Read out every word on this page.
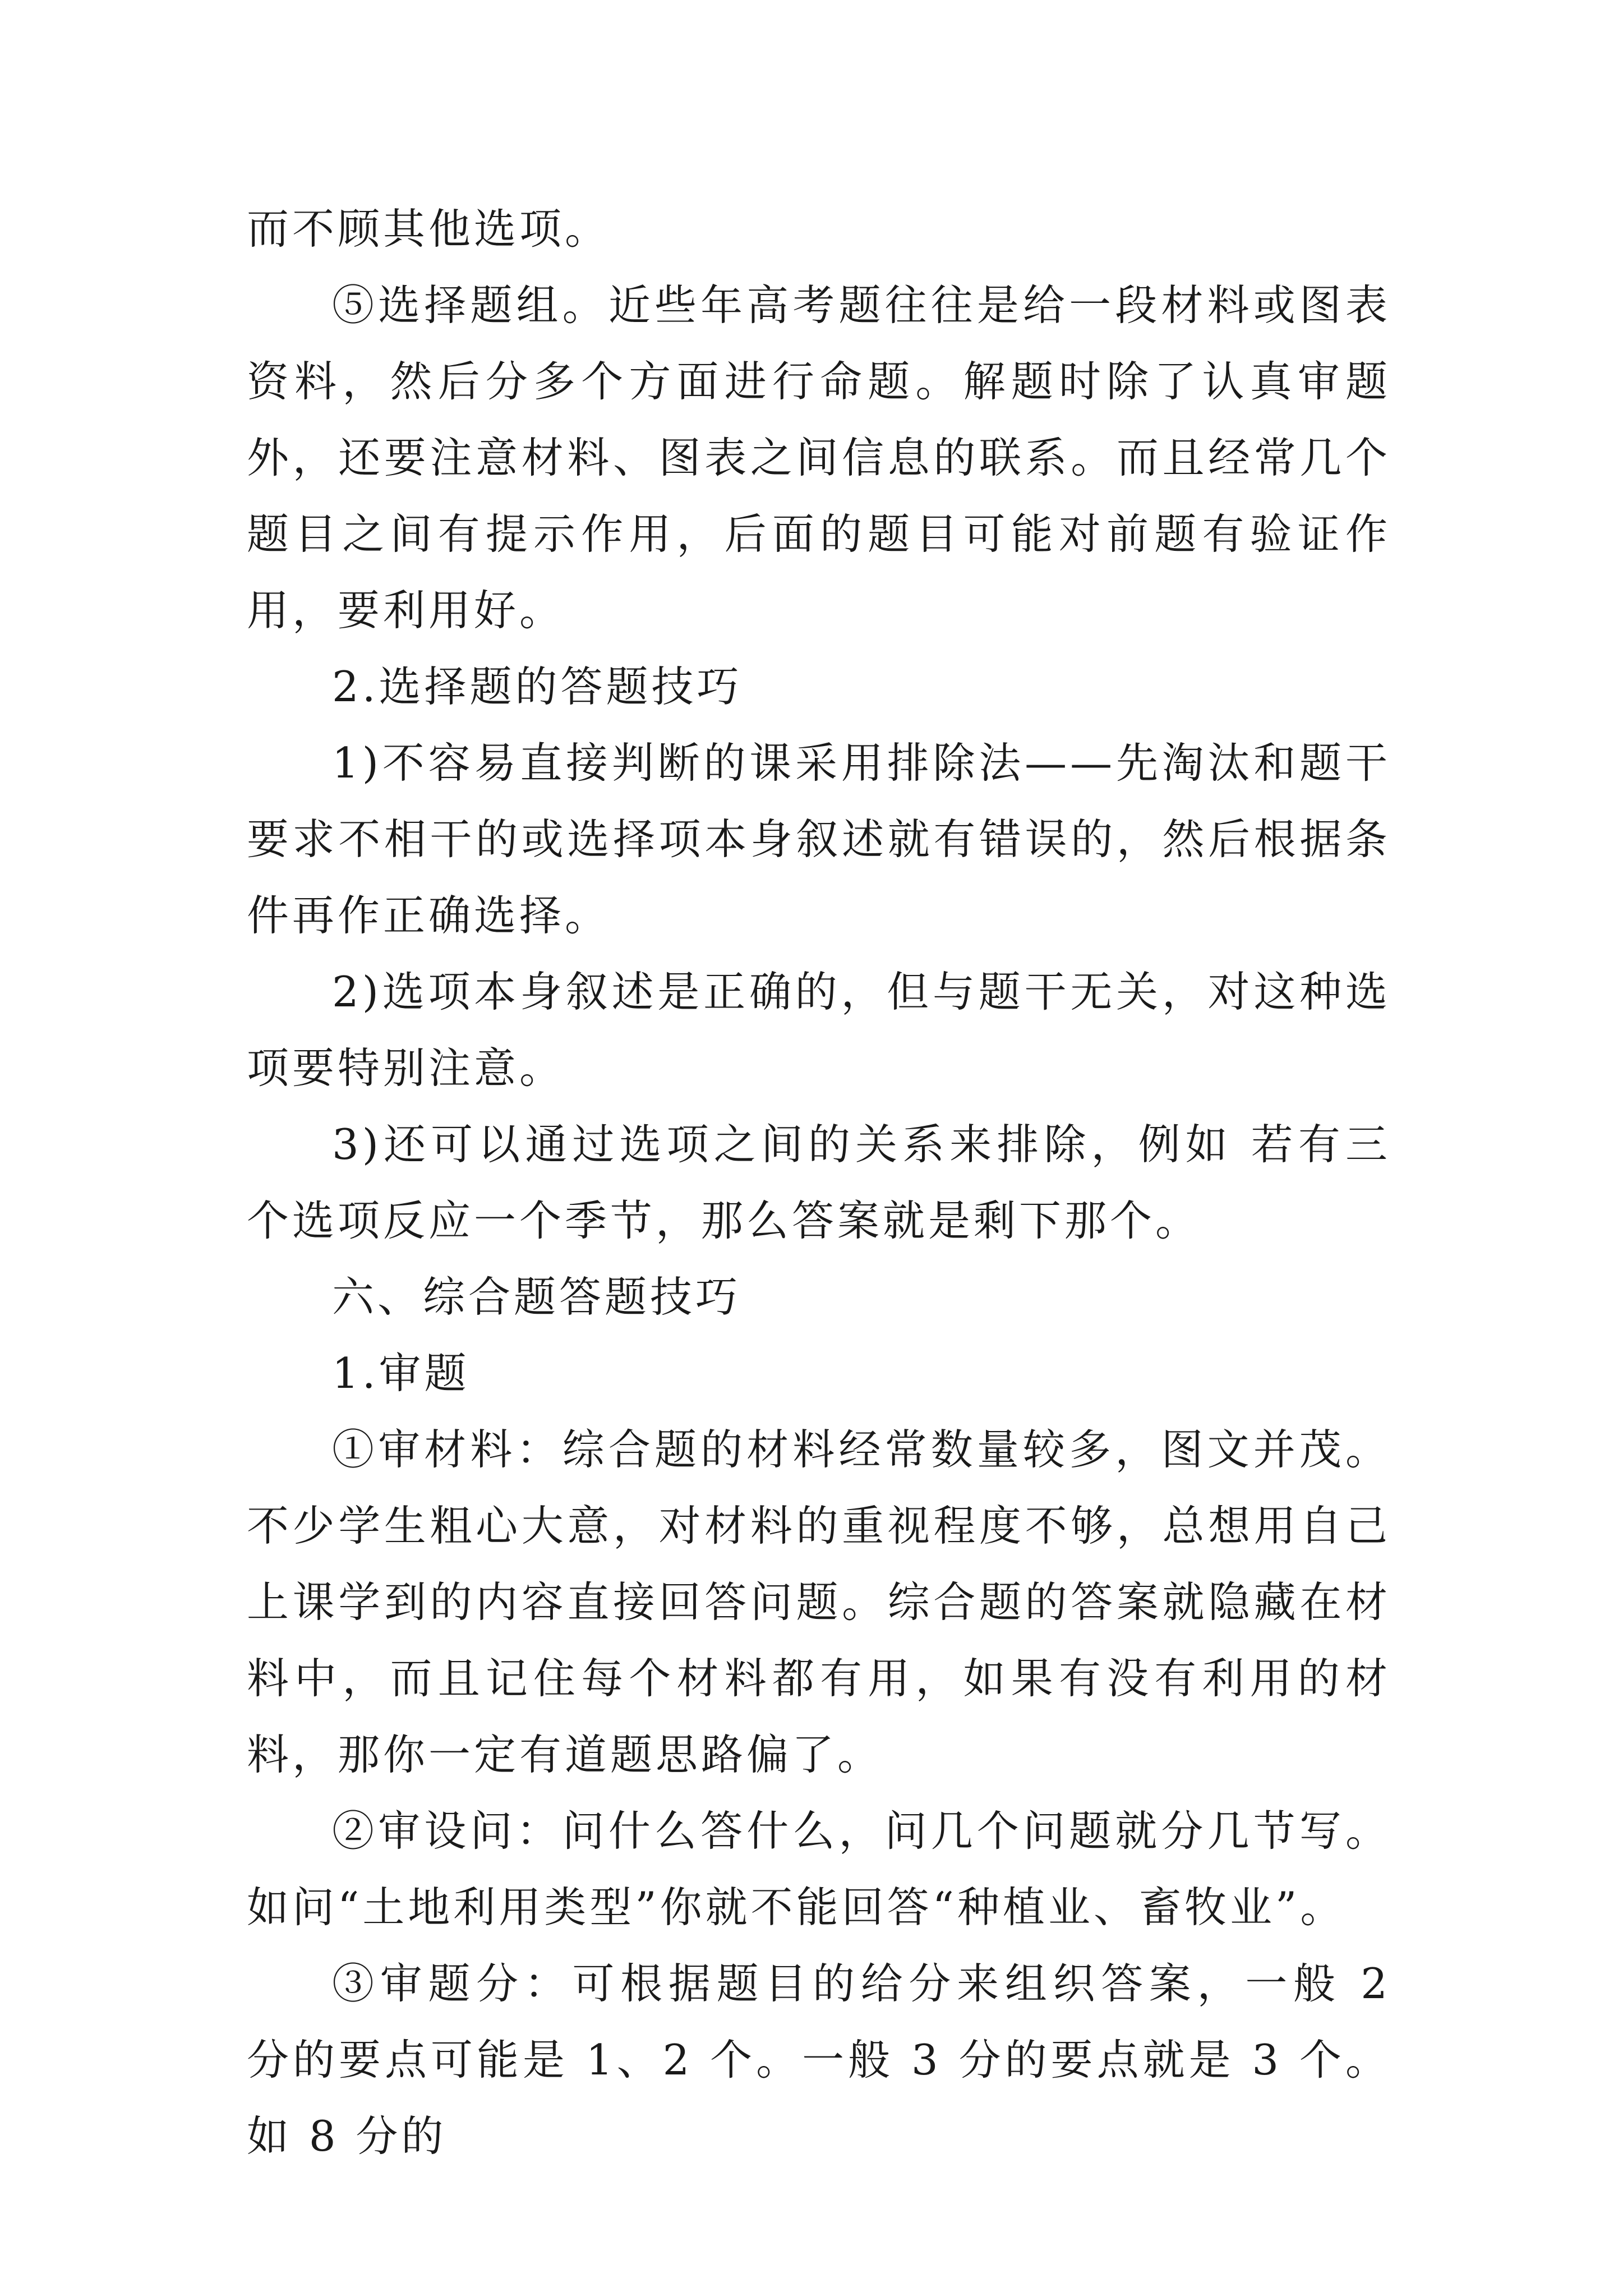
而不顾其他选项。

⑤选择题组。近些年高考题往往是给一段材料或图表资料，然后分多个方面进行命题。解题时除了认真审题外，还要注意材料、图表之间信息的联系。而且经常几个题目之间有提示作用，后面的题目可能对前题有验证作用，要利用好。

2.选择题的答题技巧

1)不容易直接判断的课采用排除法——先淘汰和题干要求不相干的或选择项本身叙述就有错误的，然后根据条件再作正确选择。

2)选项本身叙述是正确的，但与题干无关，对这种选项要特别注意。

3)还可以通过选项之间的关系来排除，例如 若有三个选项反应一个季节，那么答案就是剩下那个。

六、综合题答题技巧

1.审题

①审材料：综合题的材料经常数量较多，图文并茂。不少学生粗心大意，对材料的重视程度不够，总想用自己上课学到的内容直接回答问题。综合题的答案就隐藏在材料中，而且记住每个材料都有用，如果有没有利用的材料，那你一定有道题思路偏了。

②审设问：问什么答什么，问几个问题就分几节写。如问“土地利用类型”你就不能回答“种植业、畜牧业”。

③审题分：可根据题目的给分来组织答案，一般 2 分的要点可能是 1、2 个。一般 3 分的要点就是 3 个。如 8 分的
